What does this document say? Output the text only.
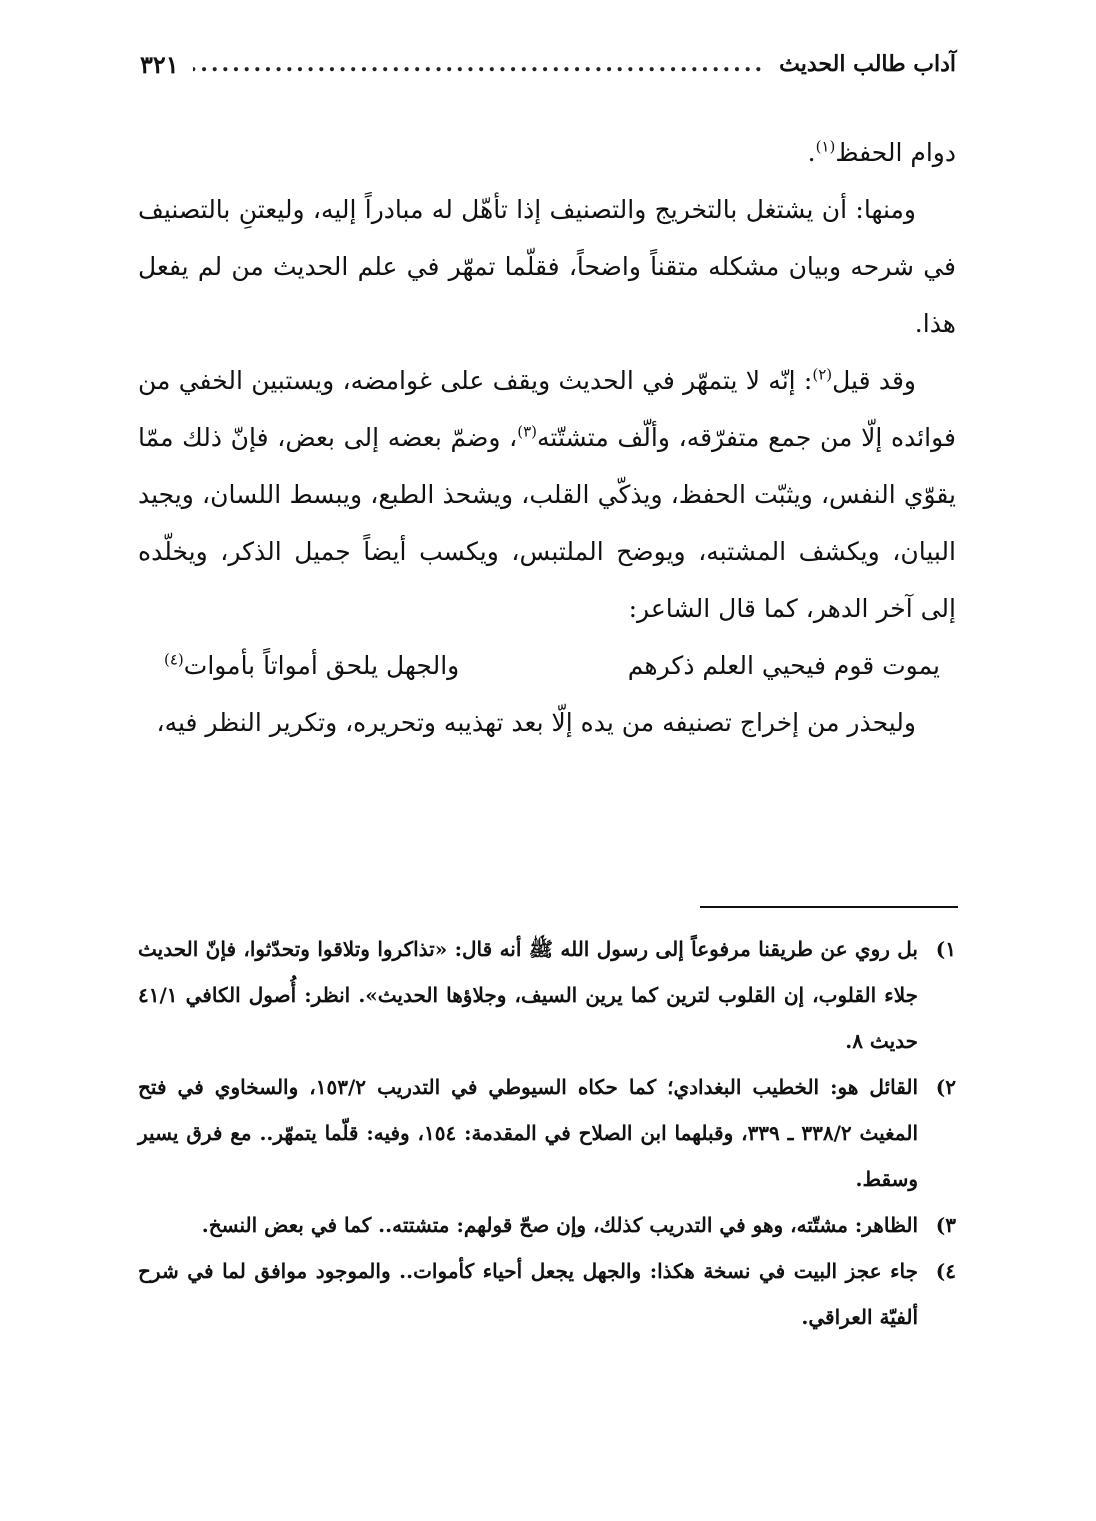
آداب طالب الحديث
.....
٣٢١

دوام الحفظ$^{(١)}$.

ومنها: أن يشتغل بالتخريج والتصنيف إذا تأهّل له مبادراً إليه، وليعتنِ بالتصنيف في شرحه وبيان مشكله متقناً واضحاً، فقلّما تمهّر في علم الحديث من لم يفعل هذا.

وقد قيل$^{(٢)}$: إنّه لا يتمهّر في الحديث ويقف على غوامضه، ويستبين الخفي من فوائده إلّا من جمع متفرّقه، وألّف متشتّته$^{(٣)}$، وضمّ بعضه إلى بعض، فإنّ ذلك ممّا يقوّي النفس، ويثبّت الحفظ، ويذكّي القلب، ويشحذ الطبع، ويبسط اللسان، ويجيد البيان، ويكشف المشتبه، ويوضح الملتبس، ويكسب أيضاً جميل الذكر، ويخلّده إلى آخر الدهر، كما قال الشاعر:

يموت قوم فيحيي العلم ذكرهم
والجهل يلحق أمواتاً بأموات$^{(٤)}$

وليحذر من إخراج تصنيفه من يده إلّا بعد تهذيبه وتحريره، وتكرير النظر فيه،

١)
بل روي عن طريقنا مرفوعاً إلى رسول الله ﷺ أنه قال: «تذاكروا وتلاقوا وتحدّثوا، فإنّ الحديث جلاء القلوب، إن القلوب لترين كما يرين السيف، وجلاؤها الحديث». انظر: أُصول الكافي ٤١/١ حديث ٨.
٢)
القائل هو: الخطيب البغدادي؛ كما حكاه السيوطي في التدريب ١٥٣/٢، والسخاوي في فتح المغيث ٣٣٨/٢ ـ ٣٣٩، وقبلهما ابن الصلاح في المقدمة: ١٥٤، وفيه: قلّما يتمهّر.. مع فرق يسير وسقط.
٣)
الظاهر: مشتّته، وهو في التدريب كذلك، وإن صحّ قولهم: متشتته.. كما في بعض النسخ.
٤)
جاء عجز البيت في نسخة هكذا: والجهل يجعل أحياء كأموات.. والموجود موافق لما في شرح ألفيّة العراقي.
